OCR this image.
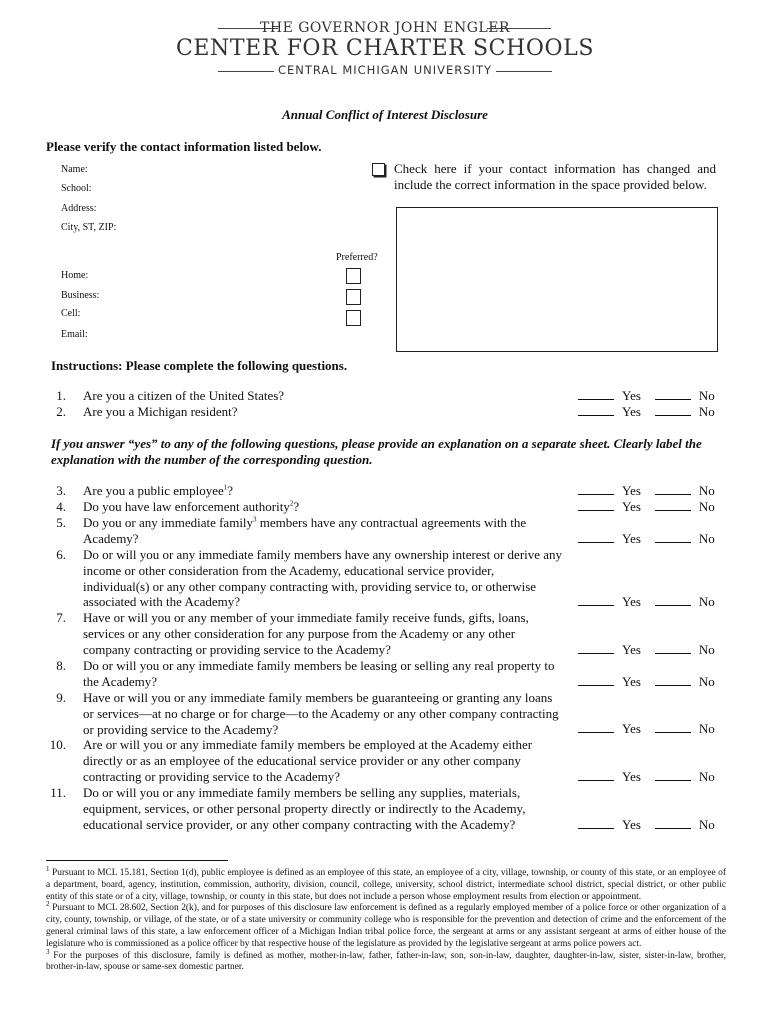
THE GOVERNOR JOHN ENGLER
CENTER FOR CHARTER SCHOOLS
CENTRAL MICHIGAN UNIVERSITY
Annual Conflict of Interest Disclosure
Please verify the contact information listed below.
Name:
School:
Address:
City, ST, ZIP:
Preferred?
Home:
Business:
Cell:
Email:
Check here if your contact information has changed and include the correct information in the space provided below.
Instructions: Please complete the following questions.
1. Are you a citizen of the United States?	Yes	No
2. Are you a Michigan resident?	Yes	No
If you answer “yes” to any of the following questions, please provide an explanation on a separate sheet. Clearly label the explanation with the number of the corresponding question.
3. Are you a public employee$^1$?	Yes	No
4. Do you have law enforcement authority$^2$?	Yes	No
5. Do you or any immediate family$^3$ members have any contractual agreements with the
Academy?	Yes	No
6. Do or will you or any immediate family members have any ownership interest or derive any
income or other consideration from the Academy, educational service provider,
individual(s) or any other company contracting with, providing service to, or otherwise
associated with the Academy?	Yes	No
7. Have or will you or any member of your immediate family receive funds, gifts, loans,
services or any other consideration for any purpose from the Academy or any other
company contracting or providing service to the Academy?	Yes	No
8. Do or will you or any immediate family members be leasing or selling any real property to
the Academy?	Yes	No
9. Have or will you or any immediate family members be guaranteeing or granting any loans
or services—at no charge or for charge—to the Academy or any other company contracting
or providing service to the Academy?	Yes	No
10. Are or will you or any immediate family members be employed at the Academy either
directly or as an employee of the educational service provider or any other company
contracting or providing service to the Academy?	Yes	No
11. Do or will you or any immediate family members be selling any supplies, materials,
equipment, services, or other personal property directly or indirectly to the Academy,
educational service provider, or any other company contracting with the Academy?	Yes	No
$^1$ Pursuant to MCL 15.181, Section 1(d), public employee is defined as an employee of this state, an employee of a city, village, township, or county of this state, or an employee of a department, board, agency, institution, commission, authority, division, council, college, university, school district, intermediate school district, special district, or other public entity of this state or of a city, village, township, or county in this state, but does not include a person whose employment results from election or appointment.
$^2$ Pursuant to MCL 28.602, Section 2(k), and for purposes of this disclosure law enforcement is defined as a regularly employed member of a police force or other organization of a city, county, township, or village, of the state, or of a state university or community college who is responsible for the prevention and detection of crime and the enforcement of the general criminal laws of this state, a law enforcement officer of a Michigan Indian tribal police force, the sergeant at arms or any assistant sergeant at arms of either house of the legislature who is commissioned as a police officer by that respective house of the legislature as provided by the legislative sergeant at arms police powers act.
$^3$ For the purposes of this disclosure, family is defined as mother, mother-in-law, father, father-in-law, son, son-in-law, daughter, daughter-in-law, sister, sister-in-law, brother, brother-in-law, spouse or same-sex domestic partner.
